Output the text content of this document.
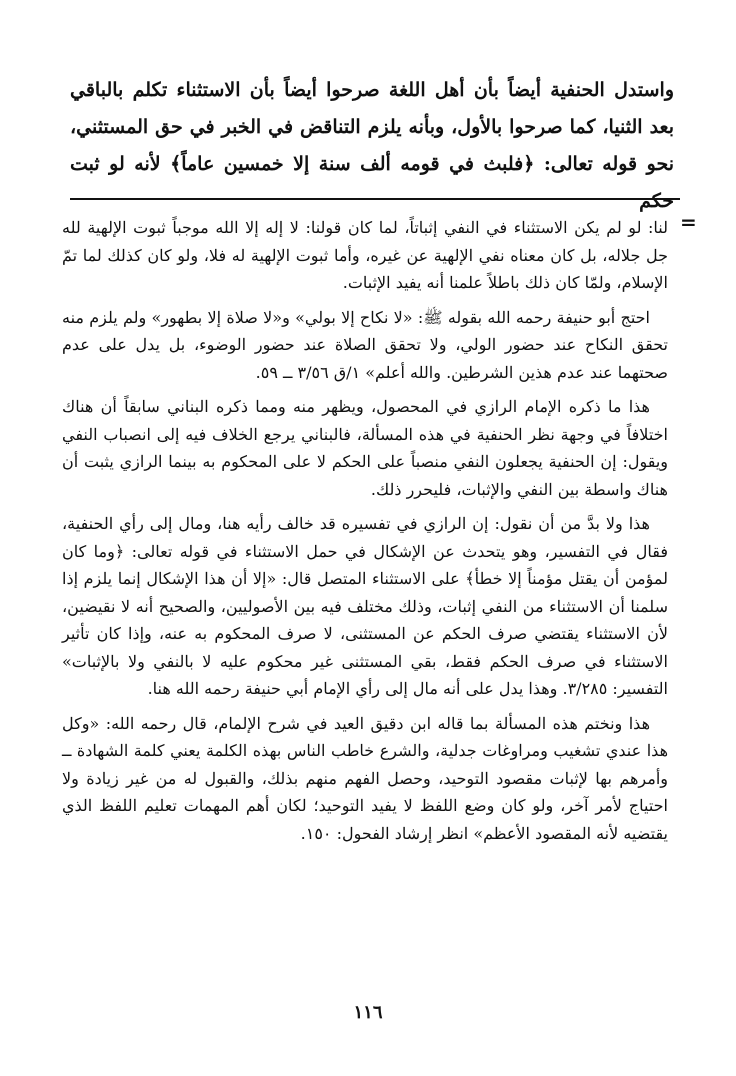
واستدل الحنفية أيضاً بأن أهل اللغة صرحوا أيضاً بأن الاستثناء تكلم بالباقي بعد الثنيا، كما صرحوا بالأول، وبأنه يلزم التناقض في الخبر في حق المستثني، نحو قوله تعالى: ﴿فلبث في قومه ألف سنة إلا خمسين عاماً﴾ لأنه لو ثبت حكم
=

لنا: لو لم يكن الاستثناء في النفي إثباتاً، لما كان قولنا: لا إله إلا الله موجباً ثبوت الإلهية لله جل جلاله، بل كان معناه نفي الإلهية عن غيره، وأما ثبوت الإلهية له فلا، ولو كان كذلك لما تمّ الإسلام، ولمّا كان ذلك باطلاً علمنا أنه يفيد الإثبات.

احتج أبو حنيفة رحمه الله بقوله ﷺ: «لا نكاح إلا بولي» و«لا صلاة إلا بطهور» ولم يلزم منه تحقق النكاح عند حضور الولي، ولا تحقق الصلاة عند حضور الوضوء، بل يدل على عدم صحتهما عند عدم هذين الشرطين. والله أعلم» ١/ق ٣/٥٦ ــ ٥٩.

هذا ما ذكره الإمام الرازي في المحصول، ويظهر منه ومما ذكره البناني سابقاً أن هناك اختلافاً في وجهة نظر الحنفية في هذه المسألة، فالبناني يرجع الخلاف فيه إلى انصباب النفي ويقول: إن الحنفية يجعلون النفي منصباً على الحكم لا على المحكوم به بينما الرازي يثبت أن هناك واسطة بين النفي والإثبات، فليحرر ذلك.

هذا ولا بدَّ من أن نقول: إن الرازي في تفسيره قد خالف رأيه هنا، ومال إلى رأي الحنفية، فقال في التفسير، وهو يتحدث عن الإشكال في حمل الاستثناء في قوله تعالى: ﴿وما كان لمؤمن أن يقتل مؤمناً إلا خطأ﴾ على الاستثناء المتصل قال: «إلا أن هذا الإشكال إنما يلزم إذا سلمنا أن الاستثناء من النفي إثبات، وذلك مختلف فيه بين الأصوليين، والصحيح أنه لا نقيضين، لأن الاستثناء يقتضي صرف الحكم عن المستثنى، لا صرف المحكوم به عنه، وإذا كان تأثير الاستثناء في صرف الحكم فقط، بقي المستثنى غير محكوم عليه لا بالنفي ولا بالإثبات» التفسير: ٣/٢٨٥. وهذا يدل على أنه مال إلى رأي الإمام أبي حنيفة رحمه الله هنا.

هذا ونختم هذه المسألة بما قاله ابن دقيق العيد في شرح الإلمام، قال رحمه الله: «وكل هذا عندي تشغيب ومراوغات جدلية، والشرع خاطب الناس بهذه الكلمة يعني كلمة الشهادة ــ وأمرهم بها لإثبات مقصود التوحيد، وحصل الفهم منهم بذلك، والقبول له من غير زيادة ولا احتياج لأمر آخر، ولو كان وضع اللفظ لا يفيد التوحيد؛ لكان أهم المهمات تعليم اللفظ الذي يقتضيه لأنه المقصود الأعظم» انظر إرشاد الفحول: ١٥٠.

١١٦
